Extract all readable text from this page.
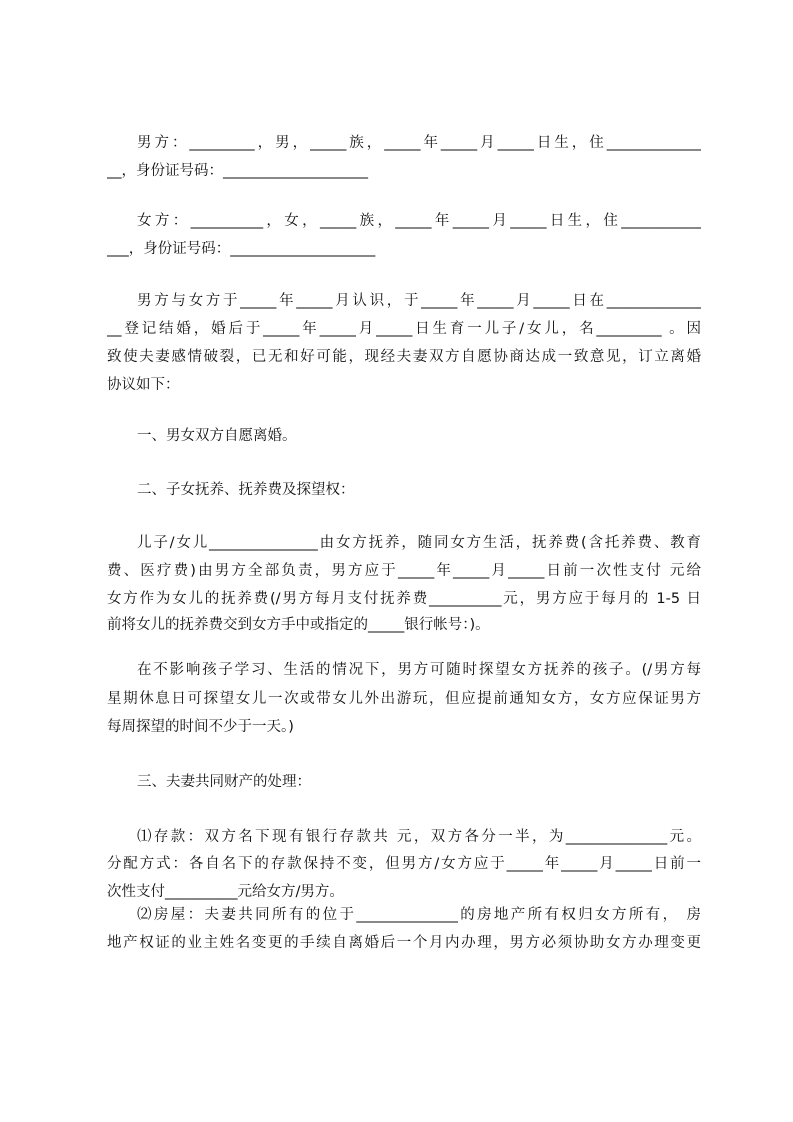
男方：_________，男，_____族，_____年_____月_____日生，住_____________
__，身份证号码：____________________
女方：__________，女，_____族，_____年_____月_____日生，住___________
___，身份证号码：____________________
男方与女方于_____年_____月认识，于_____年_____月_____日在_____________
__登记结婚，婚后于_____年_____月_____日生育一儿子/女儿，名_________ 。因
致使夫妻感情破裂，已无和好可能，现经夫妻双方自愿协商达成一致意见，订立离婚
协议如下：
一、男女双方自愿离婚。
二、子女抚养、抚养费及探望权：
儿子/女儿_______________由女方抚养，随同女方生活，抚养费(含托养费、教育
费、医疗费)由男方全部负责，男方应于_____年_____月_____日前一次性支付 元给
女方作为女儿的抚养费(/男方每月支付抚养费__________元，男方应于每月的 1-5 日
前将女儿的抚养费交到女方手中或指定的_____银行帐号：)。
在不影响孩子学习、生活的情况下，男方可随时探望女方抚养的孩子。(/男方每
星期休息日可探望女儿一次或带女儿外出游玩，但应提前通知女方，女方应保证男方
每周探望的时间不少于一天。)
三、夫妻共同财产的处理：
⑴存款：双方名下现有银行存款共 元，双方各分一半，为______________元。
分配方式：各自名下的存款保持不变，但男方/女方应于_____年_____月_____日前一
次性支付__________元给女方/男方。
⑵房屋：夫妻共同所有的位于______________的房地产所有权归女方所有， 房
地产权证的业主姓名变更的手续自离婚后一个月内办理，男方必须协助女方办理变更
